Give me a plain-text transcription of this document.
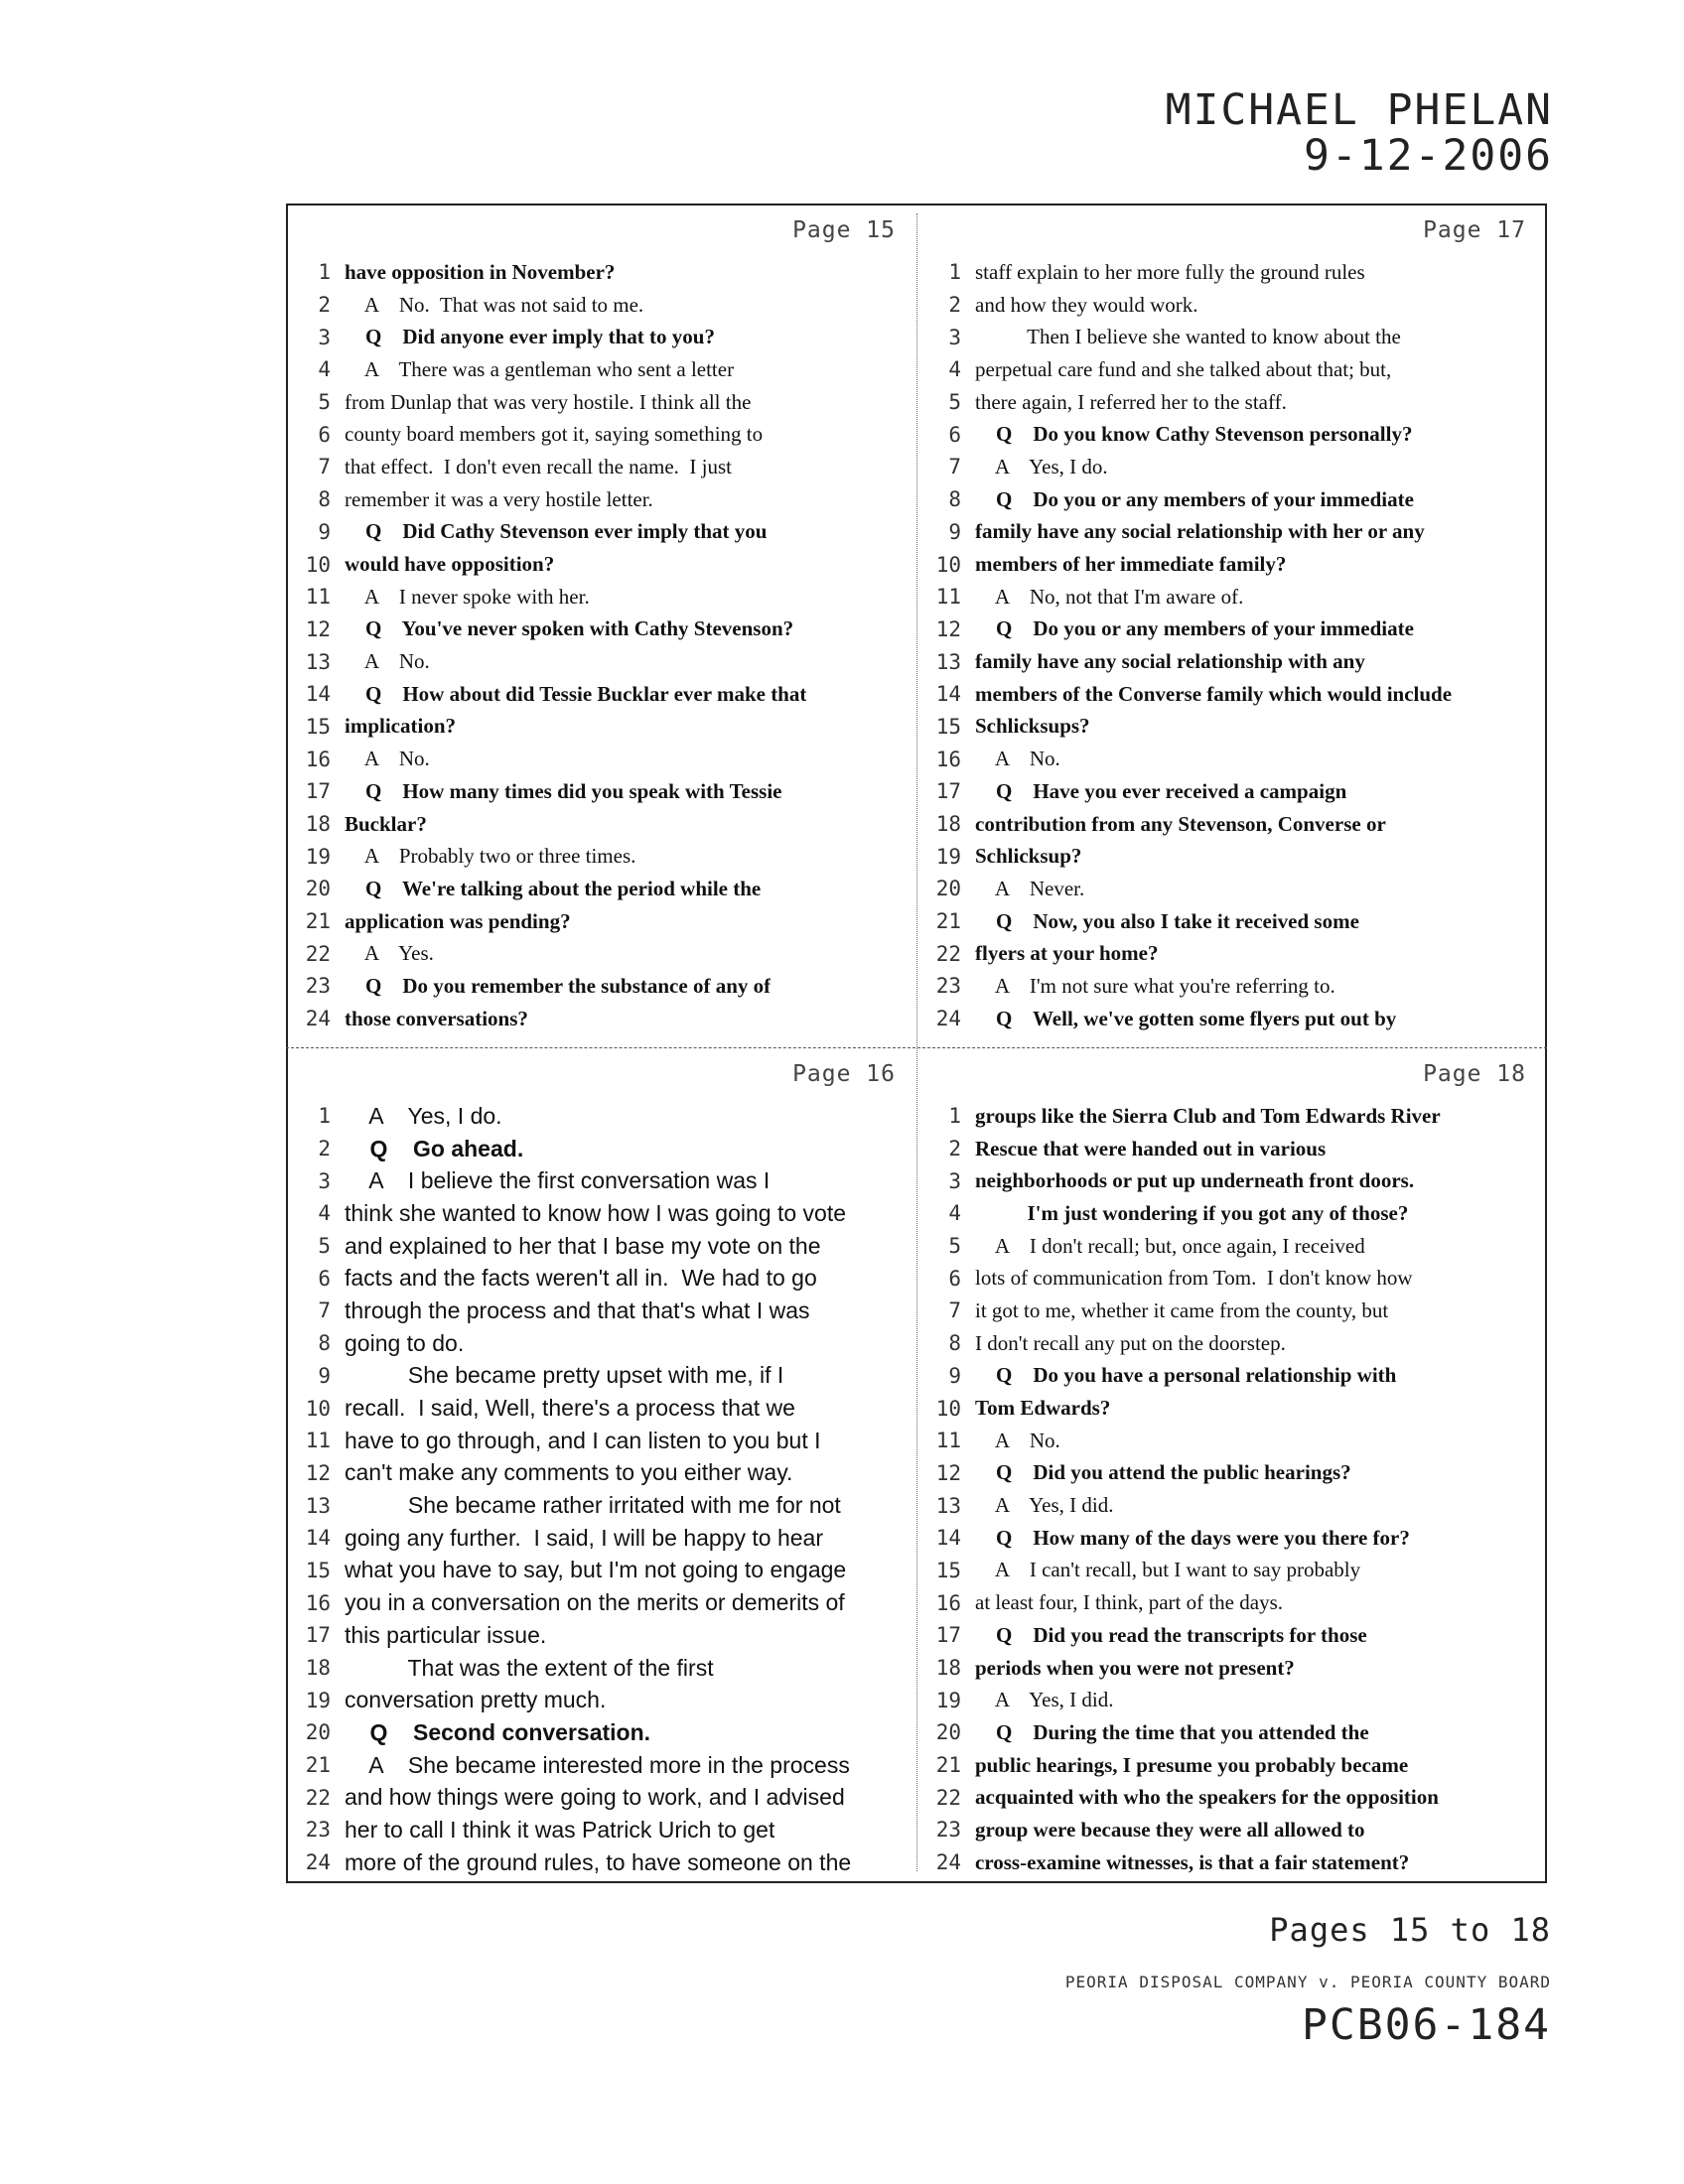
MICHAEL PHELAN
9-12-2006
Page 15
1 have opposition in November?
2 A    No.  That was not said to me.
3 Q    Did anyone ever imply that to you?
4 A    There was a gentleman who sent a letter
5 from Dunlap that was very hostile. I think all the
6 county board members got it, saying something to
7 that effect.  I don't even recall the name.  I just
8 remember it was a very hostile letter.
9 Q    Did Cathy Stevenson ever imply that you
10 would have opposition?
11 A    I never spoke with her.
12 Q    You've never spoken with Cathy Stevenson?
13 A    No.
14 Q    How about did Tessie Bucklar ever make that
15 implication?
16 A    No.
17 Q    How many times did you speak with Tessie
18 Bucklar?
19 A    Probably two or three times.
20 Q    We're talking about the period while the
21 application was pending?
22 A    Yes.
23 Q    Do you remember the substance of any of
24 those conversations?
Page 17
1 staff explain to her more fully the ground rules
2 and how they would work.
3 Then I believe she wanted to know about the
4 perpetual care fund and she talked about that; but,
5 there again, I referred her to the staff.
6 Q    Do you know Cathy Stevenson personally?
7 A    Yes, I do.
8 Q    Do you or any members of your immediate
9 family have any social relationship with her or any
10 members of her immediate family?
11 A    No, not that I'm aware of.
12 Q    Do you or any members of your immediate
13 family have any social relationship with any
14 members of the Converse family which would include
15 Schlicksups?
16 A    No.
17 Q    Have you ever received a campaign
18 contribution from any Stevenson, Converse or
19 Schlicksup?
20 A    Never.
21 Q    Now, you also I take it received some
22 flyers at your home?
23 A    I'm not sure what you're referring to.
24 Q    Well, we've gotten some flyers put out by
Page 16
1 A    Yes, I do.
2 Q    Go ahead.
3 A    I believe the first conversation was I
4 think she wanted to know how I was going to vote
5 and explained to her that I base my vote on the
6 facts and the facts weren't all in.  We had to go
7 through the process and that that's what I was
8 going to do.
9 She became pretty upset with me, if I
10 recall.  I said, Well, there's a process that we
11 have to go through, and I can listen to you but I
12 can't make any comments to you either way.
13 She became rather irritated with me for not
14 going any further.  I said, I will be happy to hear
15 what you have to say, but I'm not going to engage
16 you in a conversation on the merits or demerits of
17 this particular issue.
18 That was the extent of the first
19 conversation pretty much.
20 Q    Second conversation.
21 A    She became interested more in the process
22 and how things were going to work, and I advised
23 her to call I think it was Patrick Urich to get
24 more of the ground rules, to have someone on the
Page 18
1 groups like the Sierra Club and Tom Edwards River
2 Rescue that were handed out in various
3 neighborhoods or put up underneath front doors.
4 I'm just wondering if you got any of those?
5 A    I don't recall; but, once again, I received
6 lots of communication from Tom.  I don't know how
7 it got to me, whether it came from the county, but
8 I don't recall any put on the doorstep.
9 Q    Do you have a personal relationship with
10 Tom Edwards?
11 A    No.
12 Q    Did you attend the public hearings?
13 A    Yes, I did.
14 Q    How many of the days were you there for?
15 A    I can't recall, but I want to say probably
16 at least four, I think, part of the days.
17 Q    Did you read the transcripts for those
18 periods when you were not present?
19 A    Yes, I did.
20 Q    During the time that you attended the
21 public hearings, I presume you probably became
22 acquainted with who the speakers for the opposition
23 group were because they were all allowed to
24 cross-examine witnesses, is that a fair statement?
Pages 15 to 18
PEORIA DISPOSAL COMPANY v. PEORIA COUNTY BOARD
PCB06-184
